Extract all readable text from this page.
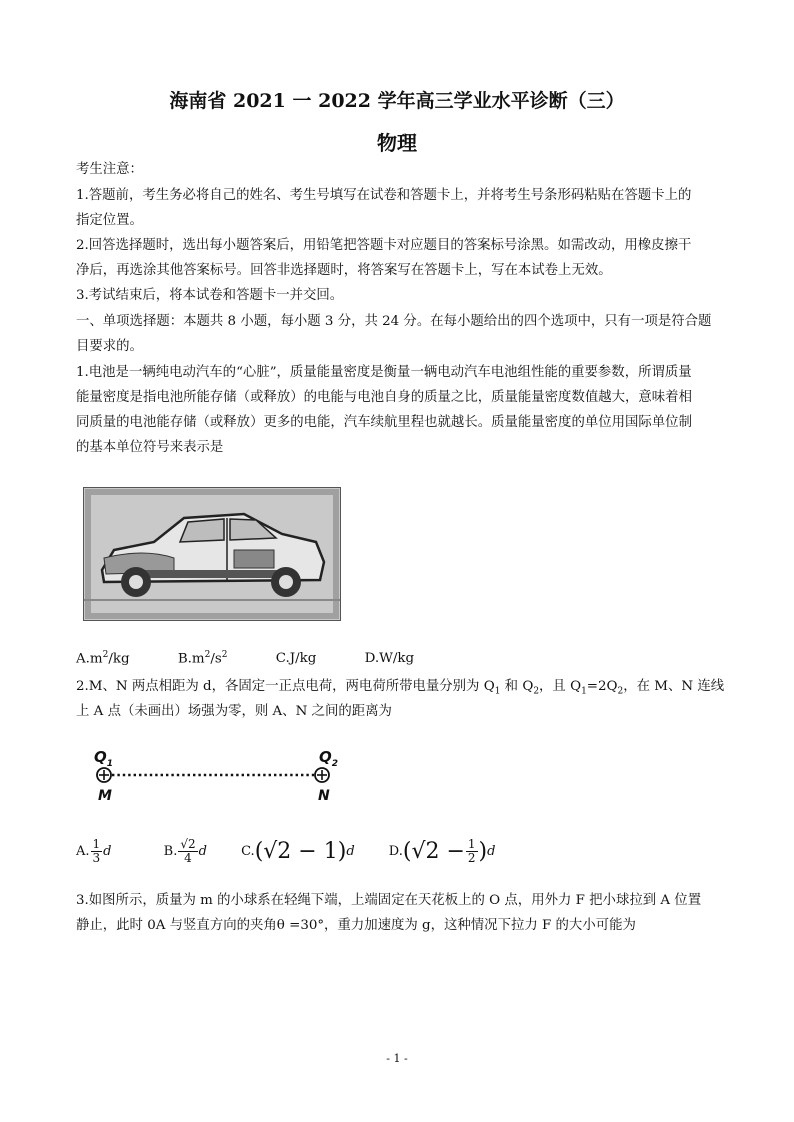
海南省 2021 一 2022 学年高三学业水平诊断（三）
物理
考生注意：
1.答题前，考生务必将自己的姓名、考生号填写在试卷和答题卡上，并将考生号条形码粘贴在答题卡上的
指定位置。
2.回答选择题时，选出每小题答案后，用铅笔把答题卡对应题目的答案标号涂黑。如需改动，用橡皮擦干
净后，再选涂其他答案标号。回答非选择题时，将答案写在答题卡上，写在本试卷上无效。
3.考试结束后，将本试卷和答题卡一并交回。
一、单项选择题：本题共 8 小题，每小题 3 分，共 24 分。在每小题给出的四个选项中，只有一项是符合题
目要求的。
1.电池是一辆纯电动汽车的“心脏”，质量能量密度是衡量一辆电动汽车电池组性能的重要参数，所谓质量
能量密度是指电池所能存储（或释放）的电能与电池自身的质量之比，质量能量密度数值越大，意味着相
同质量的电池能存储（或释放）更多的电能，汽车续航里程也就越长。质量能量密度的单位用国际单位制
的基本单位符号来表示是
$A.m^2/kg$	$B.m^2/s^2$	C.J/kg	D.W/kg
2.M、N 两点相距为 d，各固定一正点电荷，两电荷所带电量分别为 $Q_1$ 和 $Q_2$，且 $Q_1=2Q_2$，在 M、N 连线
上 A 点（未画出）场强为零，则 A、N 之间的距离为
$Q_1$	$Q_2$
M	N
A. $\frac{1}{3}$ d	B. $\frac{√2}{4}$ d	C.(√2 − 1)d	$D.(√2 - \frac{1}{2} )d$
3.如图所示，质量为 m 的小球系在轻绳下端，上端固定在天花板上的 O 点，用外力 F 把小球拉到 A 位置
静止，此时 0A 与竖直方向的夹角θ =30°，重力加速度为 g，这种情况下拉力 F 的大小可能为
- 1 -
